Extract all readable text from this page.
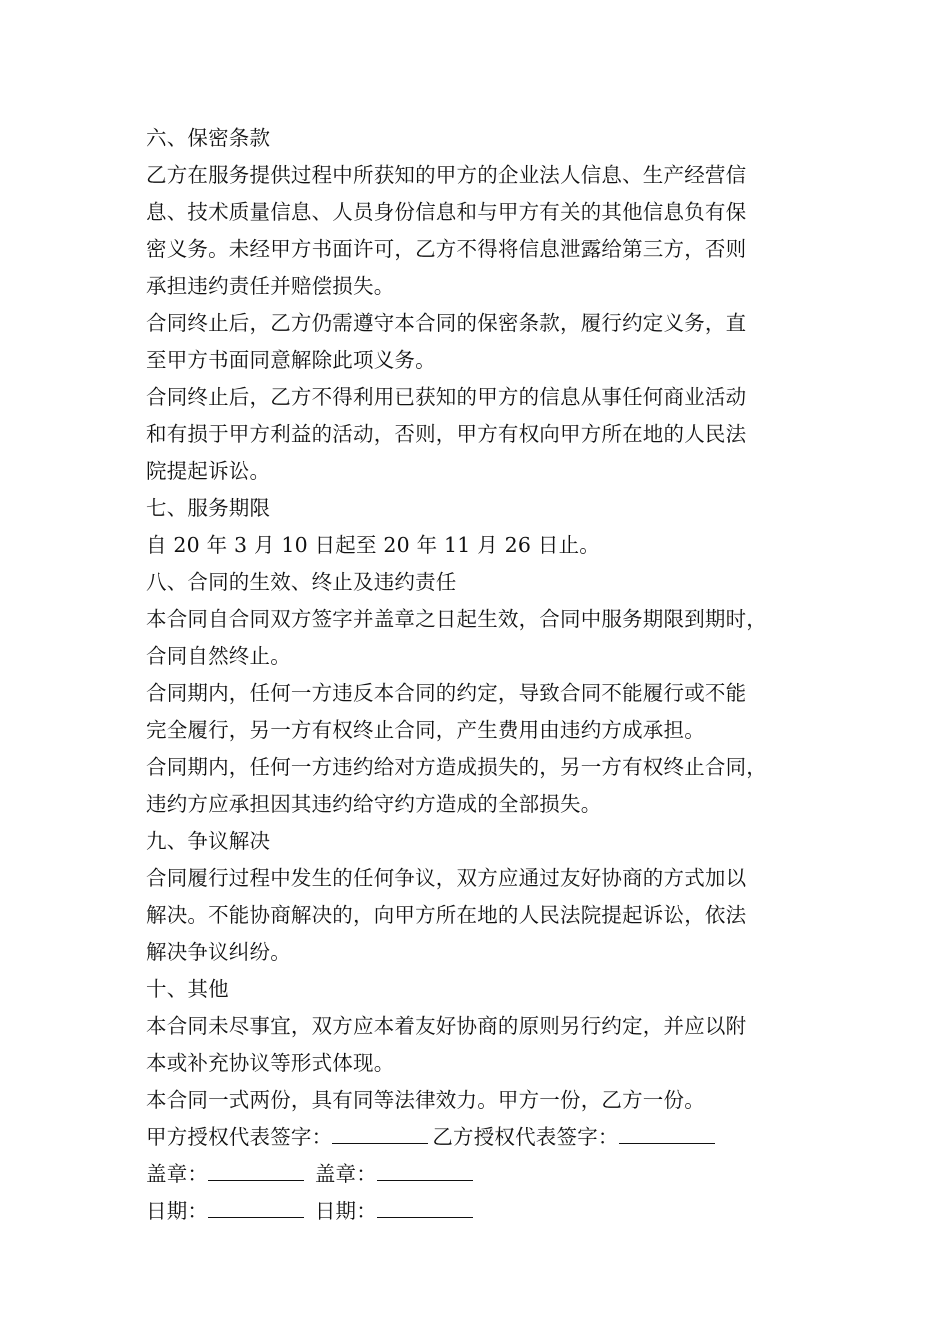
六、保密条款
乙方在服务提供过程中所获知的甲方的企业法人信息、生产经营信
息、技术质量信息、人员身份信息和与甲方有关的其他信息负有保
密义务。未经甲方书面许可，乙方不得将信息泄露给第三方，否则
承担违约责任并赔偿损失。
合同终止后，乙方仍需遵守本合同的保密条款，履行约定义务，直
至甲方书面同意解除此项义务。
合同终止后，乙方不得利用已获知的甲方的信息从事任何商业活动
和有损于甲方利益的活动，否则，甲方有权向甲方所在地的人民法
院提起诉讼。
七、服务期限
自 20 年 3 月 10 日起至 20 年 11 月 26 日止。
八、合同的生效、终止及违约责任
本合同自合同双方签字并盖章之日起生效，合同中服务期限到期时，
合同自然终止。
合同期内，任何一方违反本合同的约定，导致合同不能履行或不能
完全履行，另一方有权终止合同，产生费用由违约方成承担。
合同期内，任何一方违约给对方造成损失的，另一方有权终止合同，
违约方应承担因其违约给守约方造成的全部损失。
九、争议解决
合同履行过程中发生的任何争议，双方应通过友好协商的方式加以
解决。不能协商解决的，向甲方所在地的人民法院提起诉讼，依法
解决争议纠纷。
十、其他
本合同未尽事宜，双方应本着友好协商的原则另行约定，并应以附
本或补充协议等形式体现。
本合同一式两份，具有同等法律效力。甲方一份，乙方一份。
甲方授权代表签字：	乙方授权代表签字：
盖章：	盖章：
日期：	日期：
